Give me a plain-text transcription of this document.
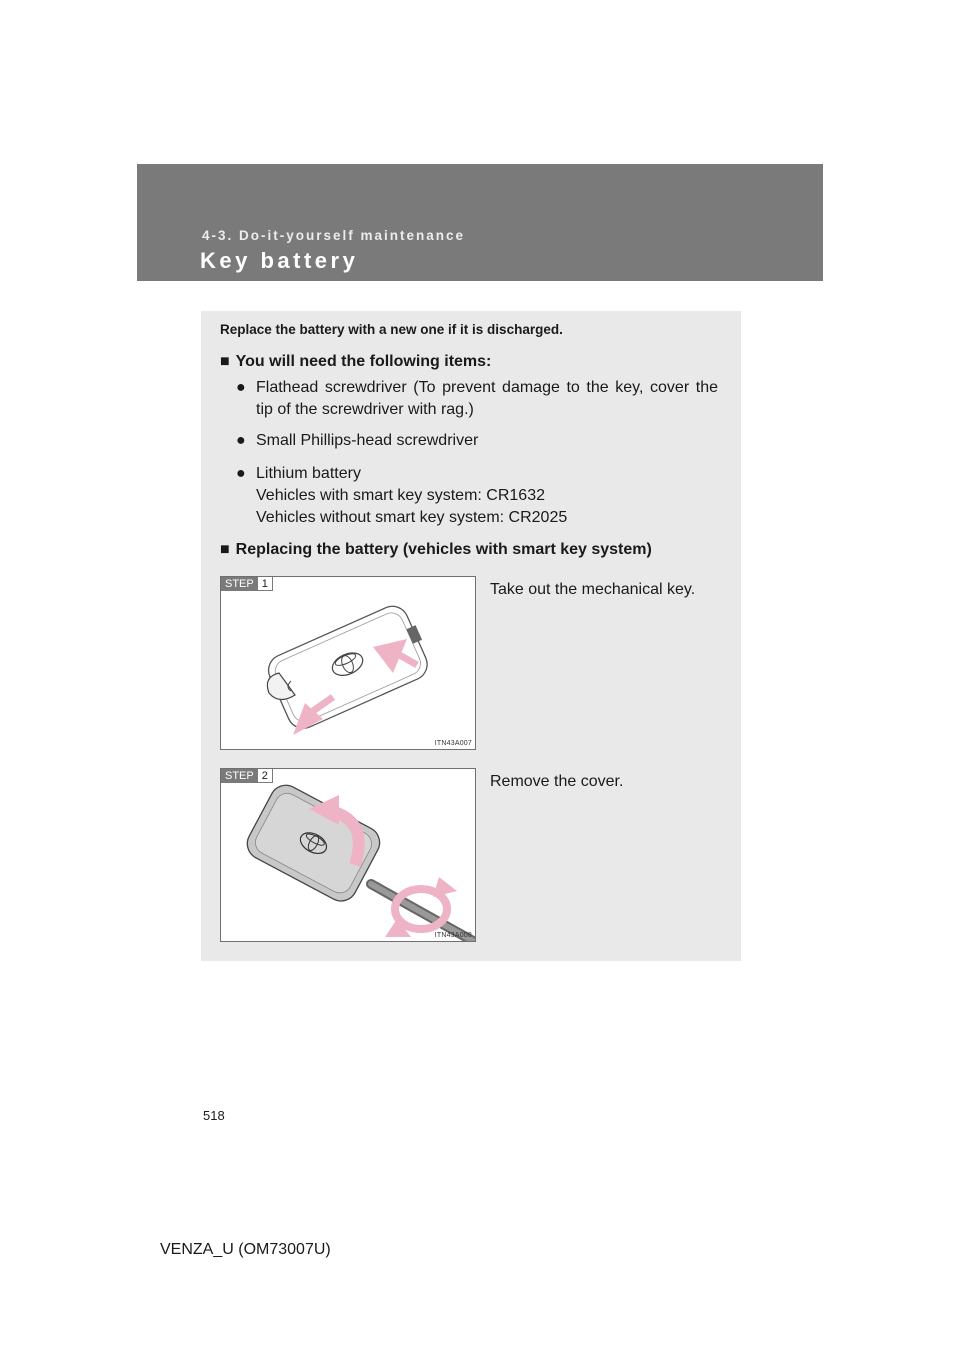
4-3. Do-it-yourself maintenance
Key battery
Replace the battery with a new one if it is discharged.
■ You will need the following items:
● Flathead screwdriver (To prevent damage to the key, cover the tip of the screwdriver with rag.)
● Small Phillips-head screwdriver
● Lithium battery
Vehicles with smart key system: CR1632
Vehicles without smart key system: CR2025
■ Replacing the battery (vehicles with smart key system)
STEP 1
ITN43A007
Take out the mechanical key.
STEP 2
ITN43A008
Remove the cover.
518
VENZA_U (OM73007U)
